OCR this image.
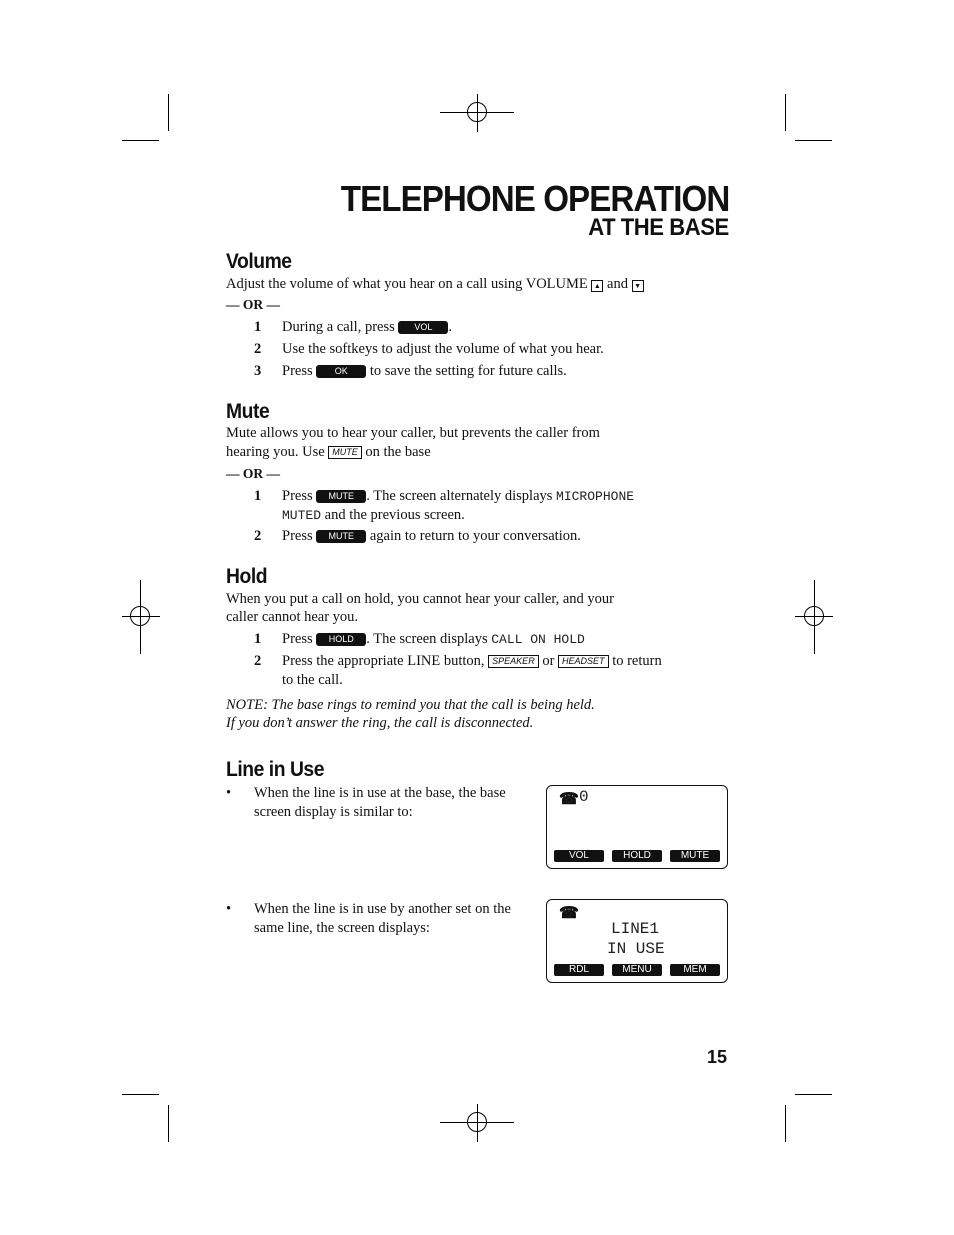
TELEPHONE OPERATION
AT THE BASE
Volume
Adjust the volume of what you hear on a call using VOLUME ▲ and ▼
— OR —
1 During a call, press VOL .
2 Use the softkeys to adjust the volume of what you hear.
3 Press OK to save the setting for future calls.
Mute
Mute allows you to hear your caller, but prevents the caller from
hearing you. Use MUTE on the base
— OR —
1 Press MUTE . The screen alternately displays MICROPHONE
MUTED and the previous screen.
2 Press MUTE again to return to your conversation.
Hold
When you put a call on hold, you cannot hear your caller, and your
caller cannot hear you.
1 Press HOLD . The screen displays CALL ON HOLD
2 Press the appropriate LINE button, SPEAKER or HEADSET to return
to the call.
NOTE: The base rings to remind you that the call is being held.
If you don’t answer the ring, the call is disconnected.
Line in Use
• When the line is in use at the base, the base screen display is similar to:
• When the line is in use by another set on the same line, the screen displays:
☎ 0
VOL	HOLD	MUTE
☎
LINE1
IN USE
RDL	MENU	MEM
15
